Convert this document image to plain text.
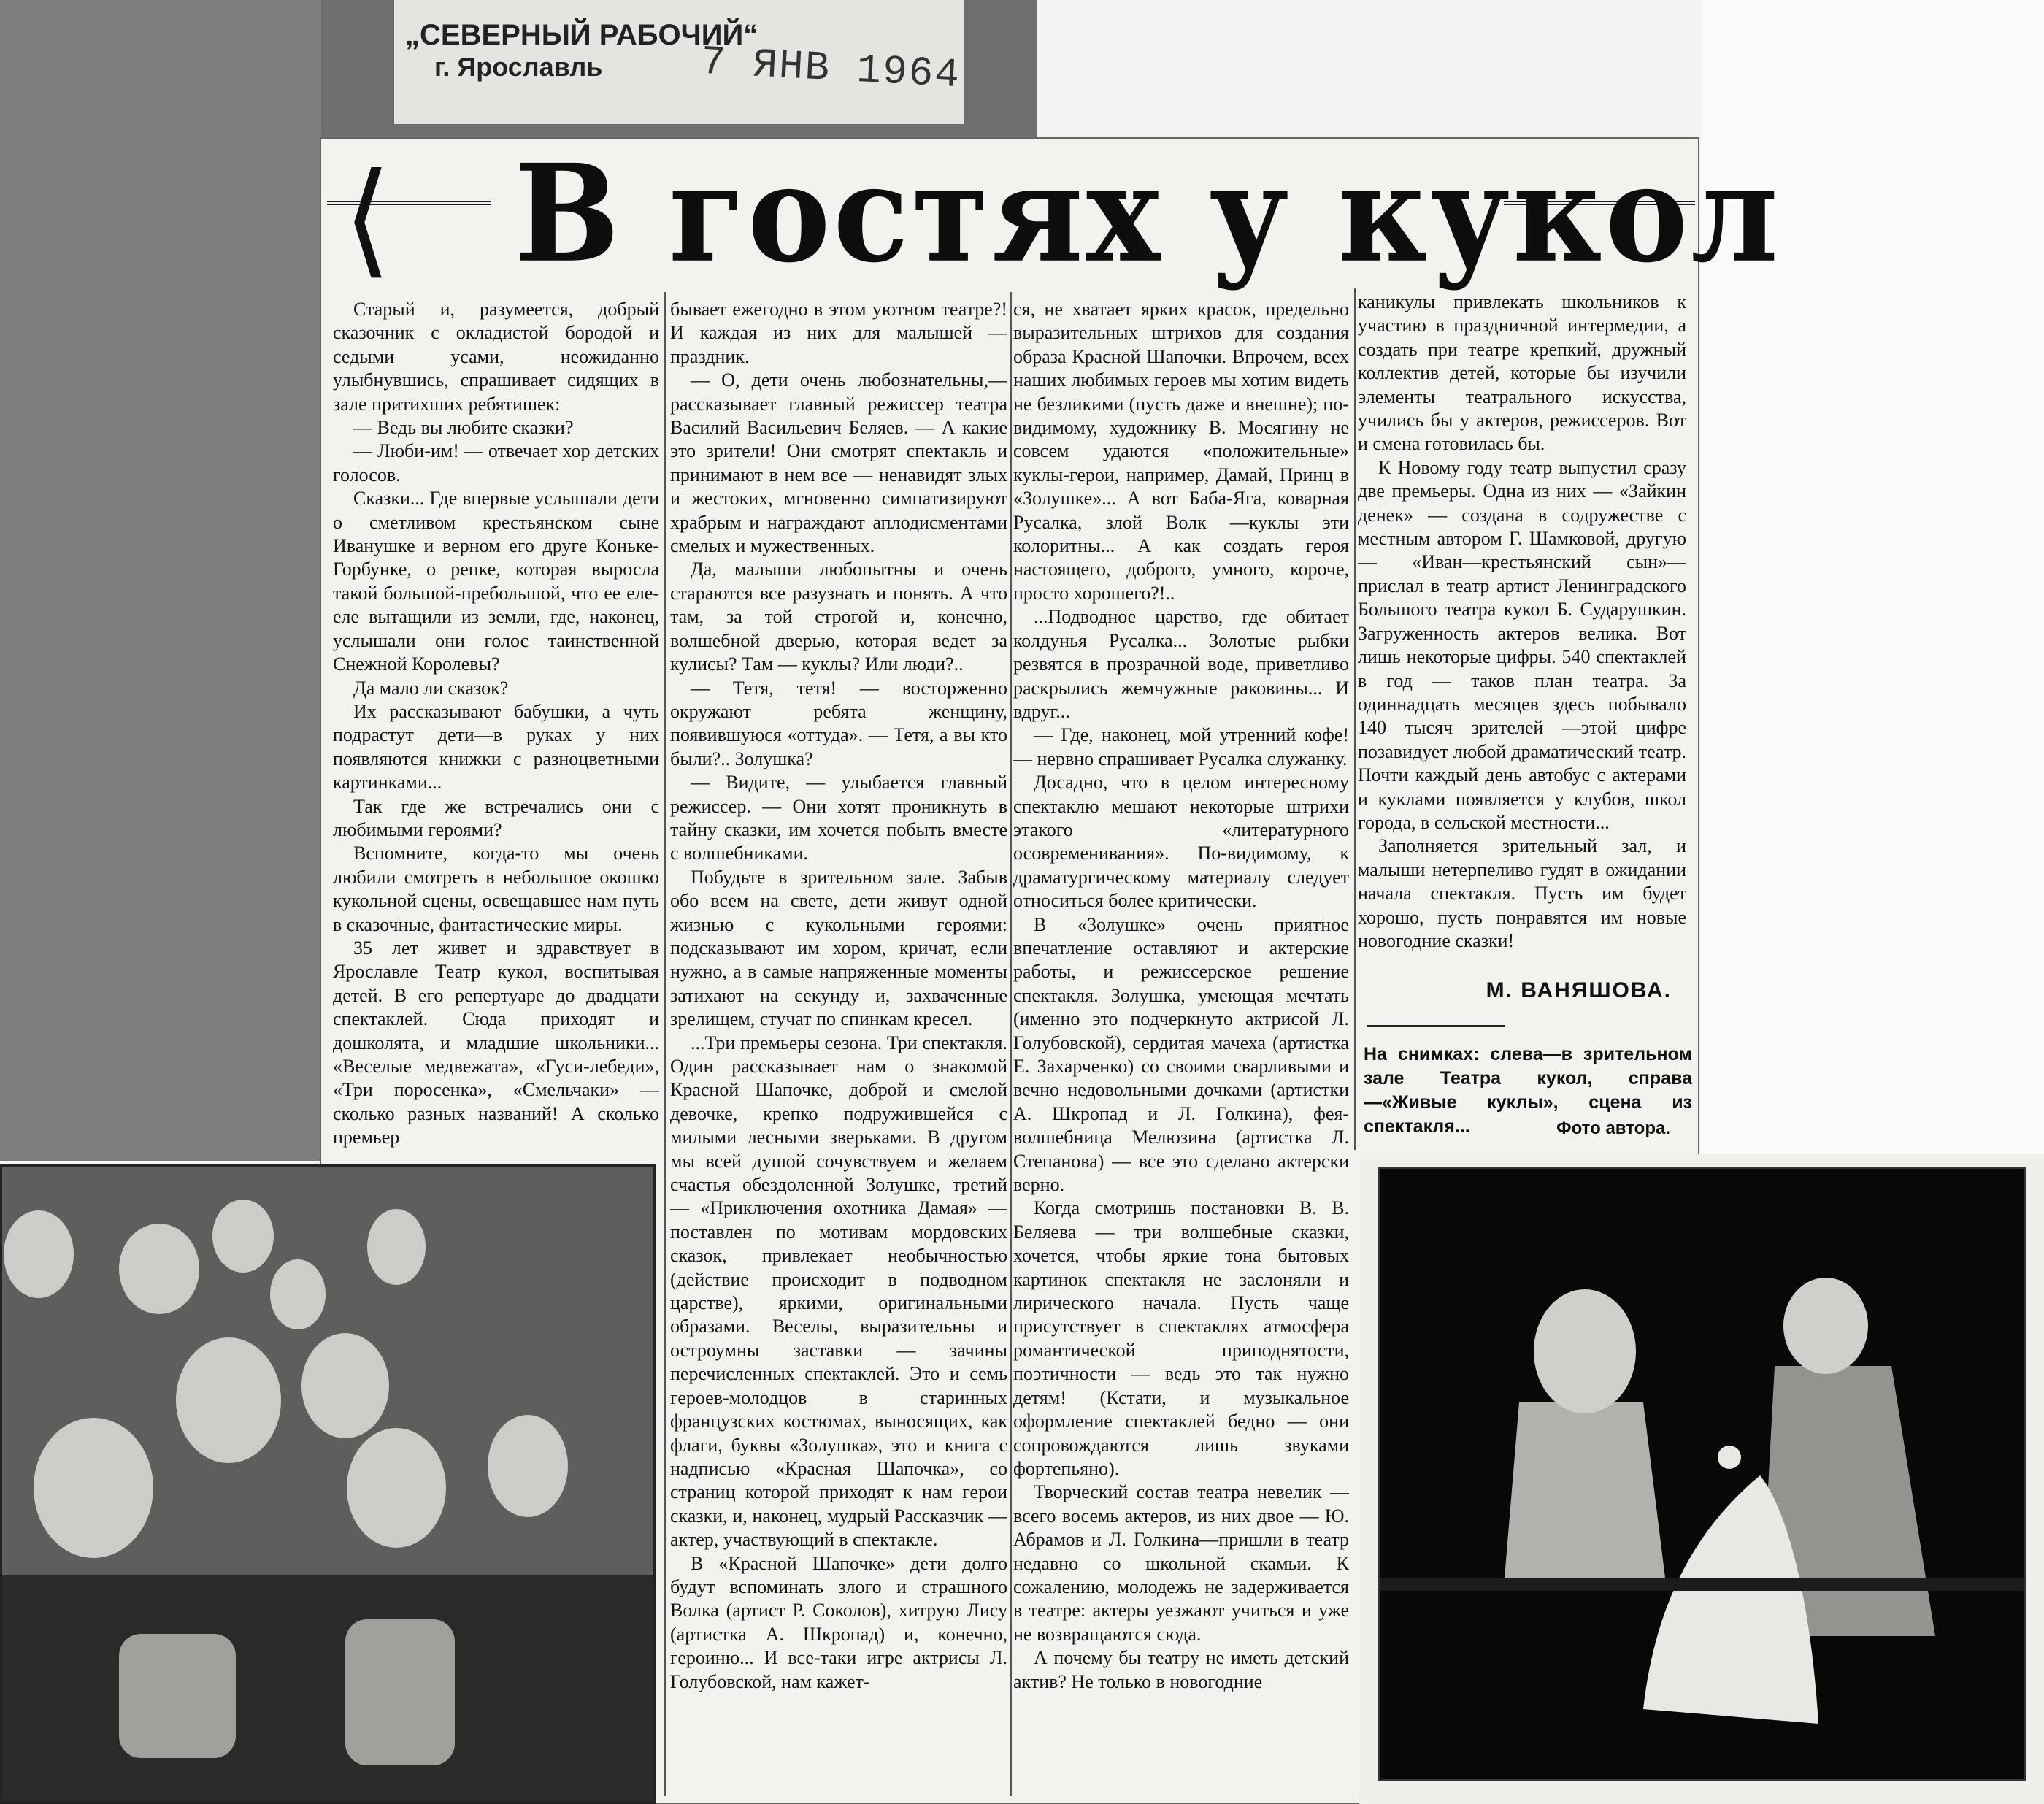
„СЕВЕРНЫЙ РАБОЧИЙ“
г. Ярославль	7 ЯНВ 1964
⟨ В гостях у кукол

Старый и, разумеется, добрый сказочник с окладистой бородой и седыми усами, неожиданно улыбнувшись, спрашивает сидящих в зале притихших ребятишек:

— Ведь вы любите сказки?

— Люби-им! — отвечает хор детских голосов.

Сказки... Где впервые услышали дети о сметливом крестьянском сыне Иванушке и верном его друге Коньке-Горбунке, о репке, которая выросла такой большой-пребольшой, что ее еле-еле вытащили из земли, где, наконец, услышали они голос таинственной Снежной Королевы?

Да мало ли сказок?

Их рассказывают бабушки, а чуть подрастут дети—в руках у них появляются книжки с разноцветными картинками...

Так где же встречались они с любимыми героями?

Вспомните, когда-то мы очень любили смотреть в небольшое окошко кукольной сцены, освещавшее нам путь в сказочные, фантастические миры.

35 лет живет и здравствует в Ярославле Театр кукол, воспитывая детей. В его репертуаре до двадцати спектаклей. Сюда приходят и дошколята, и младшие школьники... «Веселые медвежата», «Гуси-лебеди», «Три поросенка», «Смельчаки» — сколько разных названий! А сколько премьер

бывает ежегодно в этом уютном театре?! И каждая из них для малышей — праздник.

— О, дети очень любознательны,— рассказывает главный режиссер театра Василий Васильевич Беляев. — А какие это зрители! Они смотрят спектакль и принимают в нем все — ненавидят злых и жестоких, мгновенно симпатизируют храбрым и награждают аплодисментами смелых и мужественных.

Да, малыши любопытны и очень стараются все разузнать и понять. А что там, за той строгой и, конечно, волшебной дверью, которая ведет за кулисы? Там — куклы? Или люди?..

— Тетя, тетя! — восторженно окружают ребята женщину, появившуюся «оттуда». — Тетя, а вы кто были?.. Золушка?

— Видите, — улыбается главный режиссер. — Они хотят проникнуть в тайну сказки, им хочется побыть вместе с волшебниками.

Побудьте в зрительном зале. Забыв обо всем на свете, дети живут одной жизнью с кукольными героями: подсказывают им хором, кричат, если нужно, а в самые напряженные моменты затихают на секунду и, захваченные зрелищем, стучат по спинкам кресел.

...Три премьеры сезона. Три спектакля. Один рассказывает нам о знакомой Красной Шапочке, доброй и смелой девочке, крепко подружившейся с милыми лесными зверьками. В другом мы всей душой сочувствуем и желаем счастья обездоленной Золушке, третий — «Приключения охотника Дамая» — поставлен по мотивам мордовских сказок, привлекает необычностью (действие происходит в подводном царстве), яркими, оригинальными образами. Веселы, выразительны и остроумны заставки — зачины перечисленных спектаклей. Это и семь героев-молодцов в старинных французских костюмах, выносящих, как флаги, буквы «Золушка», это и книга с надписью «Красная Шапочка», со страниц которой приходят к нам герои сказки, и, наконец, мудрый Рассказчик — актер, участвующий в спектакле.

В «Красной Шапочке» дети долго будут вспоминать злого и страшного Волка (артист Р. Соколов), хитрую Лису (артистка А. Шкропад) и, конечно, героиню... И все-таки игре актрисы Л. Голубовской, нам кажет-

ся, не хватает ярких красок, предельно выразительных штрихов для создания образа Красной Шапочки. Впрочем, всех наших любимых героев мы хотим видеть не безликими (пусть даже и внешне); по-видимому, художнику В. Мосягину не совсем удаются «положительные» куклы-герои, например, Дамай, Принц в «Золушке»... А вот Баба-Яга, коварная Русалка, злой Волк —куклы эти колоритны... А как создать героя настоящего, доброго, умного, короче, просто хорошего?!..

...Подводное царство, где обитает колдунья Русалка... Золотые рыбки резвятся в прозрачной воде, приветливо раскрылись жемчужные раковины... И вдруг...

— Где, наконец, мой утренний кофе! — нервно спрашивает Русалка служанку.

Досадно, что в целом интересному спектаклю мешают некоторые штрихи этакого «литературного осовременивания». По-видимому, к драматургическому материалу следует относиться более критически.

В «Золушке» очень приятное впечатление оставляют и актерские работы, и режиссерское решение спектакля. Золушка, умеющая мечтать (именно это подчеркнуто актрисой Л. Голубовской), сердитая мачеха (артистка Е. Захарченко) со своими сварливыми и вечно недовольными дочками (артистки А. Шкропад и Л. Голкина), фея-волшебница Мелюзина (артистка Л. Степанова) — все это сделано актерски верно.

Когда смотришь постановки В. В. Беляева — три волшебные сказки, хочется, чтобы яркие тона бытовых картинок спектакля не заслоняли и лирического начала. Пусть чаще присутствует в спектаклях атмосфера романтической приподнятости, поэтичности — ведь это так нужно детям! (Кстати, и музыкальное оформление спектаклей бедно — они сопровождаются лишь звуками фортепьяно).

Творческий состав театра невелик —всего восемь актеров, из них двое — Ю. Абрамов и Л. Голкина—пришли в театр недавно со школьной скамьи. К сожалению, молодежь не задерживается в театре: актеры уезжают учиться и уже не возвращаются сюда.

А почему бы театру не иметь детский актив? Не только в новогодние

каникулы привлекать школьников к участию в праздничной интермедии, а создать при театре крепкий, дружный коллектив детей, которые бы изучили элементы театрального искусства, учились бы у актеров, режиссеров. Вот и смена готовилась бы.

К Новому году театр выпустил сразу две премьеры. Одна из них — «Зайкин денек» — создана в содружестве с местным автором Г. Шамковой, другую — «Иван—крестьянский сын»—прислал в театр артист Ленинградского Большого театра кукол Б. Сударушкин. Загруженность актеров велика. Вот лишь некоторые цифры. 540 спектаклей в год — таков план театра. За одиннадцать месяцев здесь побывало 140 тысяч зрителей —этой цифре позавидует любой драматический театр. Почти каждый день автобус с актерами и куклами появляется у клубов, школ города, в сельской местности...

Заполняется зрительный зал, и малыши нетерпеливо гудят в ожидании начала спектакля. Пусть им будет хорошо, пусть понравятся им новые новогодние сказки!

М. ВАНЯШОВА.
На снимках: слева—в зрительном зале Театра кукол, справа—«Живые куклы», сцена из спектакля...	Фото автора.
